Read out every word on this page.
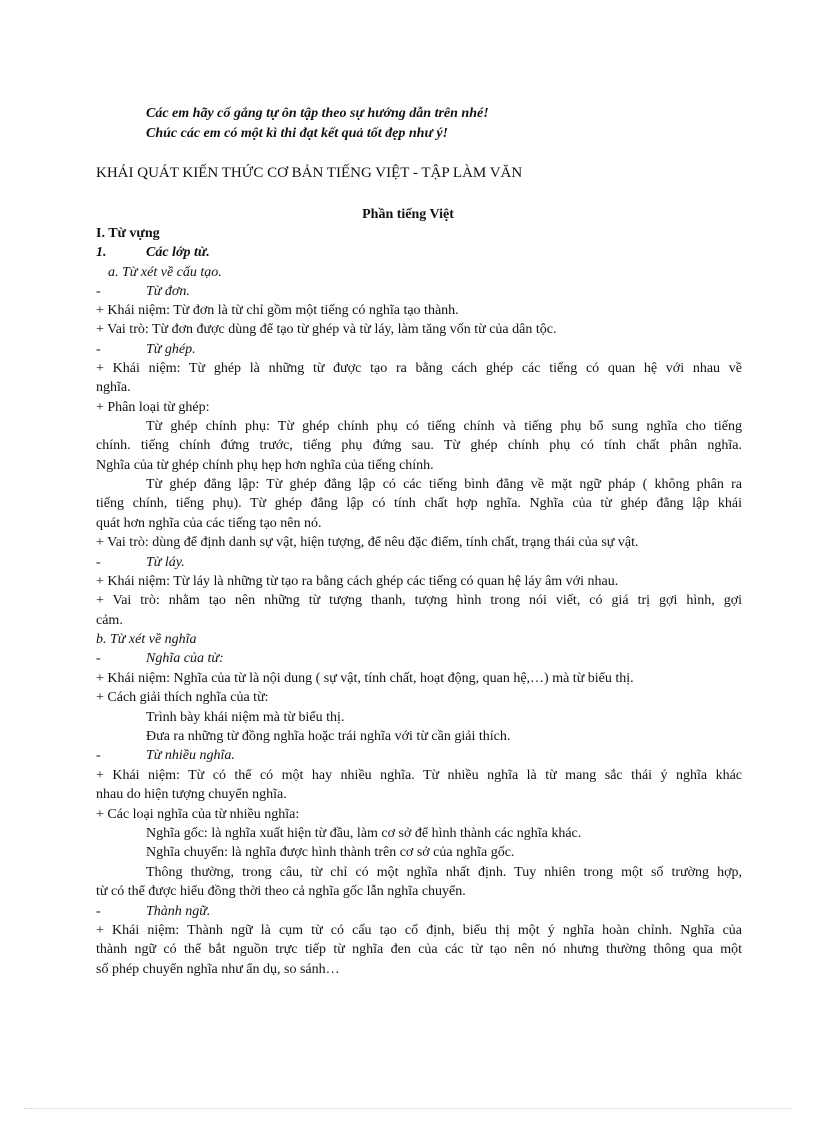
Các em hãy cố gắng tự ôn tập theo sự hướng dẫn trên nhé!
Chúc các em có một kì thi đạt kết quả tốt đẹp như ý!
KHÁI QUÁT KIẾN THỨC CƠ BẢN TIẾNG VIỆT - TẬP LÀM VĂN
Phần tiếng Việt
I. Từ vựng
1.	Các lớp từ.
a. Từ xét về cấu tạo.
-	Từ đơn.
+ Khái niệm: Từ đơn là từ chỉ gồm một tiếng có nghĩa tạo thành.
+ Vai trò: Từ đơn được dùng để tạo từ ghép và từ láy, làm tăng vốn từ của dân tộc.
-	Từ ghép.
+ Khái niệm: Từ ghép là những từ được tạo ra bằng cách ghép các tiếng có quan hệ với nhau về
nghĩa.
+ Phân loại từ ghép:
Từ ghép chính phụ: Từ ghép chính phụ có tiếng chính và tiếng phụ bổ sung nghĩa cho tiếng
chính. tiếng chính đứng trước, tiếng phụ đứng sau. Từ ghép chính phụ có tính chất phân nghĩa.
Nghĩa của từ ghép chính phụ hẹp hơn nghĩa của tiếng chính.
Từ ghép đẳng lập: Từ ghép đẳng lập có các tiếng bình đẳng về mặt ngữ pháp ( không phân ra
tiếng chính, tiếng phụ). Từ ghép đẳng lập có tính chất hợp nghĩa. Nghĩa của từ ghép đẳng lập khái
quát hơn nghĩa của các tiếng tạo nên nó.
+ Vai trò: dùng để định danh sự vật, hiện tượng, để nêu đặc điểm, tính chất, trạng thái của sự vật.
-	Từ láy.
+ Khái niệm: Từ láy là những từ tạo ra bằng cách ghép các tiếng có quan hệ láy âm với nhau.
+ Vai trò: nhằm tạo nên những từ tượng thanh, tượng hình trong nói viết, có giá trị gợi hình, gợi
cảm.
b. Từ xét về nghĩa
-	Nghĩa của từ:
+ Khái niệm: Nghĩa của từ là nội dung ( sự vật, tính chất, hoạt động, quan hệ,…) mà từ biểu thị.
+ Cách giải thích nghĩa của từ:
Trình bày khái niệm mà từ biểu thị.
Đưa ra những từ đồng nghĩa hoặc trái nghĩa với từ cần giải thích.
-	Từ nhiều nghĩa.
+ Khái niệm: Từ có thể có một hay nhiều nghĩa. Từ nhiều nghĩa là từ mang sắc thái ý nghĩa khác
nhau do hiện tượng chuyển nghĩa.
+ Các loại nghĩa của từ nhiều nghĩa:
Nghĩa gốc: là nghĩa xuất hiện từ đầu, làm cơ sở để hình thành các nghĩa khác.
Nghĩa chuyển: là nghĩa được hình thành trên cơ sở của nghĩa gốc.
Thông thường, trong câu, từ chỉ có một nghĩa nhất định. Tuy nhiên trong một số trường hợp,
từ có thể được hiểu đồng thời theo cả nghĩa gốc lẫn nghĩa chuyển.
-	Thành ngữ.
+ Khái niệm: Thành ngữ là cụm từ có cấu tạo cố định, biểu thị một ý nghĩa hoàn chỉnh. Nghĩa của
thành ngữ có thể bắt nguồn trực tiếp từ nghĩa đen của các từ tạo nên nó nhưng thường thông qua một
số phép chuyển nghĩa như ẩn dụ, so sánh…
